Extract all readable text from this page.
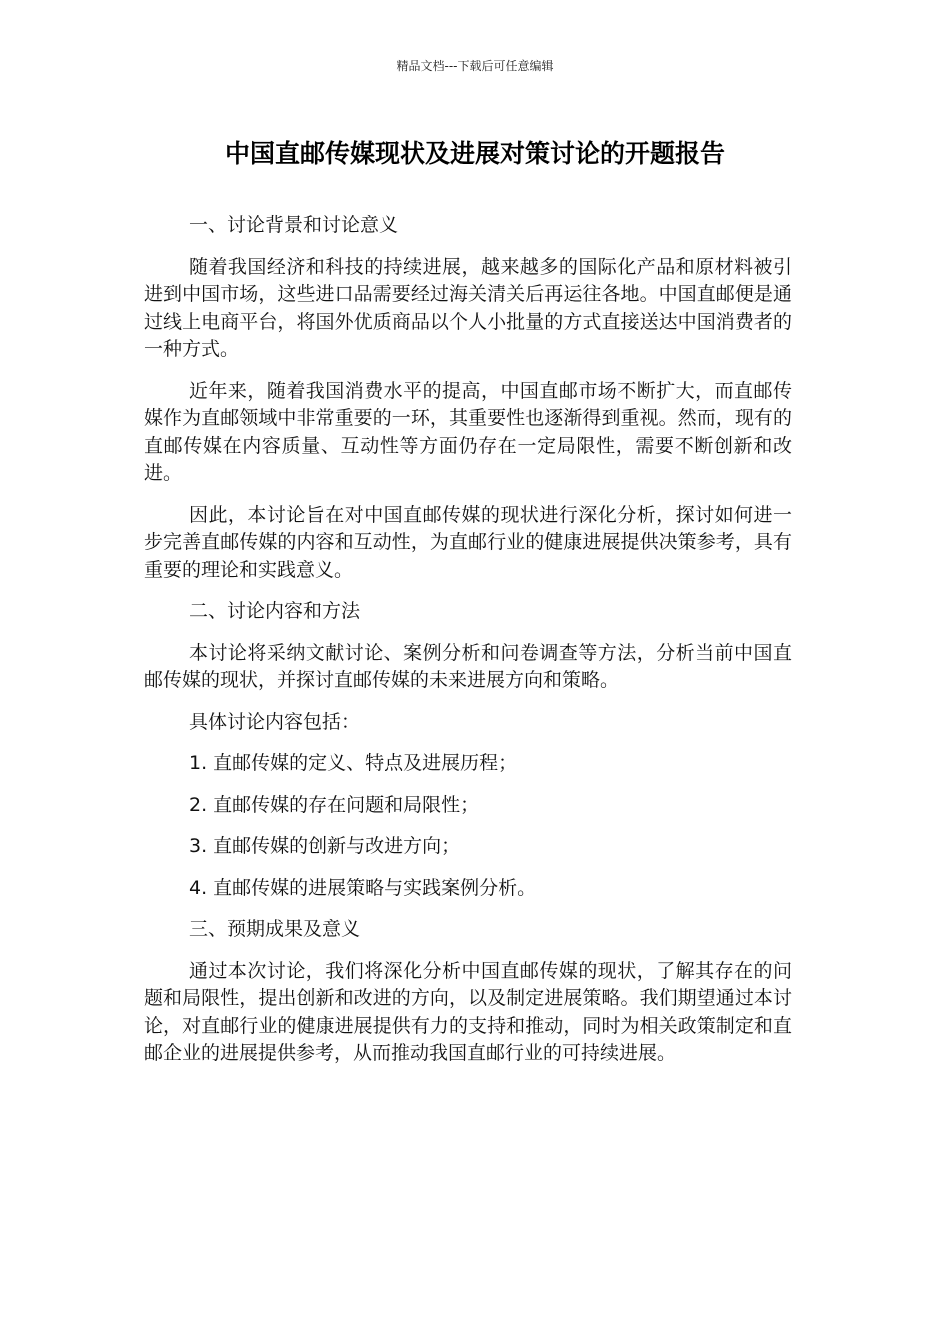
精品文档---下载后可任意编辑
中国直邮传媒现状及进展对策讨论的开题报告

一、讨论背景和讨论意义

随着我国经济和科技的持续进展，越来越多的国际化产品和原材料被引进到中国市场，这些进口品需要经过海关清关后再运往各地。中国直邮便是通过线上电商平台，将国外优质商品以个人小批量的方式直接送达中国消费者的一种方式。

近年来，随着我国消费水平的提高，中国直邮市场不断扩大，而直邮传媒作为直邮领域中非常重要的一环，其重要性也逐渐得到重视。然而，现有的直邮传媒在内容质量、互动性等方面仍存在一定局限性，需要不断创新和改进。

因此，本讨论旨在对中国直邮传媒的现状进行深化分析，探讨如何进一步完善直邮传媒的内容和互动性，为直邮行业的健康进展提供决策参考，具有重要的理论和实践意义。

二、讨论内容和方法

本讨论将采纳文献讨论、案例分析和问卷调查等方法，分析当前中国直邮传媒的现状，并探讨直邮传媒的未来进展方向和策略。

具体讨论内容包括：

1. 直邮传媒的定义、特点及进展历程；

2. 直邮传媒的存在问题和局限性；

3. 直邮传媒的创新与改进方向；

4. 直邮传媒的进展策略与实践案例分析。

三、预期成果及意义

通过本次讨论，我们将深化分析中国直邮传媒的现状，了解其存在的问题和局限性，提出创新和改进的方向，以及制定进展策略。我们期望通过本讨论，对直邮行业的健康进展提供有力的支持和推动，同时为相关政策制定和直邮企业的进展提供参考，从而推动我国直邮行业的可持续进展。
